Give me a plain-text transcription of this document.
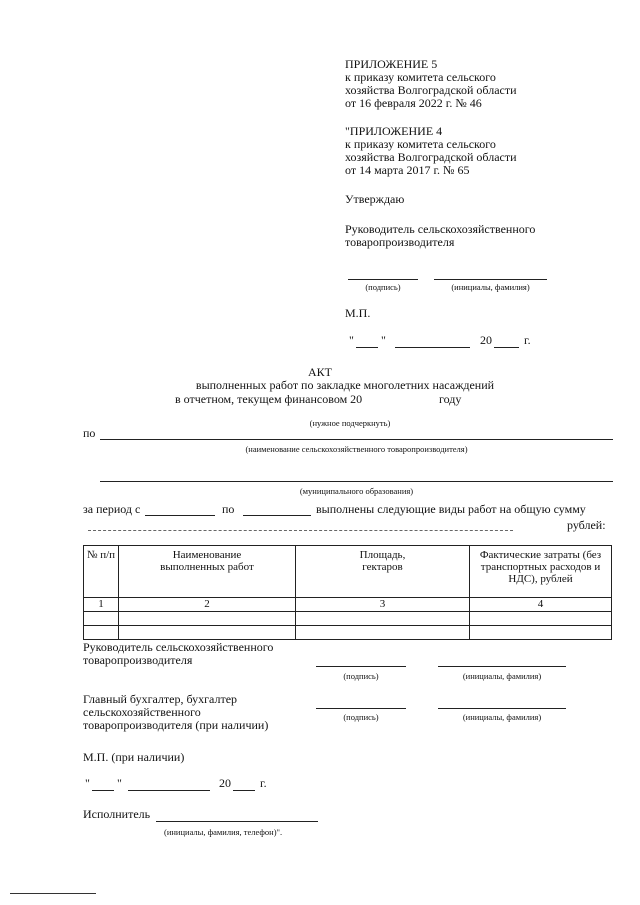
ПРИЛОЖЕНИЕ 5
к приказу комитета сельского
хозяйства Волгоградской области
от 16 февраля 2022 г. № 46
"ПРИЛОЖЕНИЕ 4
к приказу комитета сельского
хозяйства Волгоградской области
от 14 марта 2017 г. № 65
Утверждаю
Руководитель сельскохозяйственного
товаропроизводителя
(подпись)	(инициалы, фамилия)
М.П.
" "	20	г.
АКТ
выполненных работ по закладке многолетних насаждений
в отчетном, текущем финансовом 20	году
(нужное подчеркнуть)
по
(наименование сельскохозяйственного товаропроизводителя)
(муниципального образования)
за период с	по	выполнены следующие виды работ на общую сумму
рублей:
№ п/п	Наименование выполненных работ	Площадь, гектаров	Фактические затраты (без транспортных расходов и НДС), рублей
1	2	3	4

Руководитель сельскохозяйственного
товаропроизводителя
(подпись)	(инициалы, фамилия)
Главный бухгалтер, бухгалтер
сельскохозяйственного
товаропроизводителя (при наличии)
(подпись)	(инициалы, фамилия)
М.П. (при наличии)
" "	20 г.
Исполнитель
(инициалы, фамилия, телефон)".
